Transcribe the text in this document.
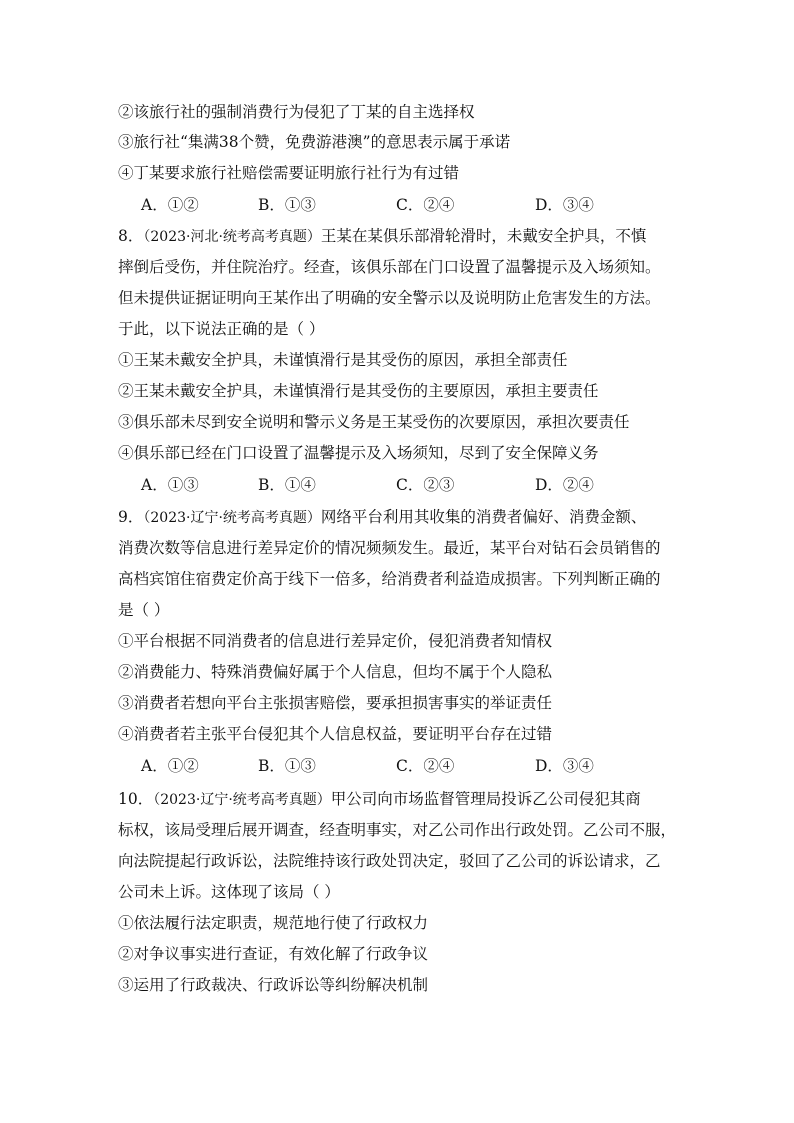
②该旅行社的强制消费行为侵犯了丁某的自主选择权
③旅行社“集满38个赞，免费游港澳”的意思表示属于承诺
④丁某要求旅行社赔偿需要证明旅行社行为有过错
A．①②	B．①③	C．②④	D．③④
8．（2023·河北·统考高考真题）王某在某俱乐部滑轮滑时，未戴安全护具，不慎
摔倒后受伤，并住院治疗。经查，该俱乐部在门口设置了温馨提示及入场须知。
但未提供证据证明向王某作出了明确的安全警示以及说明防止危害发生的方法。
于此，以下说法正确的是（ ）
①王某未戴安全护具，未谨慎滑行是其受伤的原因，承担全部责任
②王某未戴安全护具，未谨慎滑行是其受伤的主要原因，承担主要责任
③俱乐部未尽到安全说明和警示义务是王某受伤的次要原因，承担次要责任
④俱乐部已经在门口设置了温馨提示及入场须知，尽到了安全保障义务
A．①③	B．①④	C．②③	D．②④
9．（2023·辽宁·统考高考真题）网络平台利用其收集的消费者偏好、消费金额、
消费次数等信息进行差异定价的情况频频发生。最近，某平台对钻石会员销售的
高档宾馆住宿费定价高于线下一倍多，给消费者利益造成损害。下列判断正确的
是（ ）
①平台根据不同消费者的信息进行差异定价，侵犯消费者知情权
②消费能力、特殊消费偏好属于个人信息，但均不属于个人隐私
③消费者若想向平台主张损害赔偿，要承担损害事实的举证责任
④消费者若主张平台侵犯其个人信息权益，要证明平台存在过错
A．①②	B．①③	C．②④	D．③④
10．（2023·辽宁·统考高考真题）甲公司向市场监督管理局投诉乙公司侵犯其商
标权，该局受理后展开调查，经查明事实，对乙公司作出行政处罚。乙公司不服，
向法院提起行政诉讼，法院维持该行政处罚决定，驳回了乙公司的诉讼请求，乙
公司未上诉。这体现了该局（ ）
①依法履行法定职责，规范地行使了行政权力
②对争议事实进行查证，有效化解了行政争议
③运用了行政裁决、行政诉讼等纠纷解决机制
